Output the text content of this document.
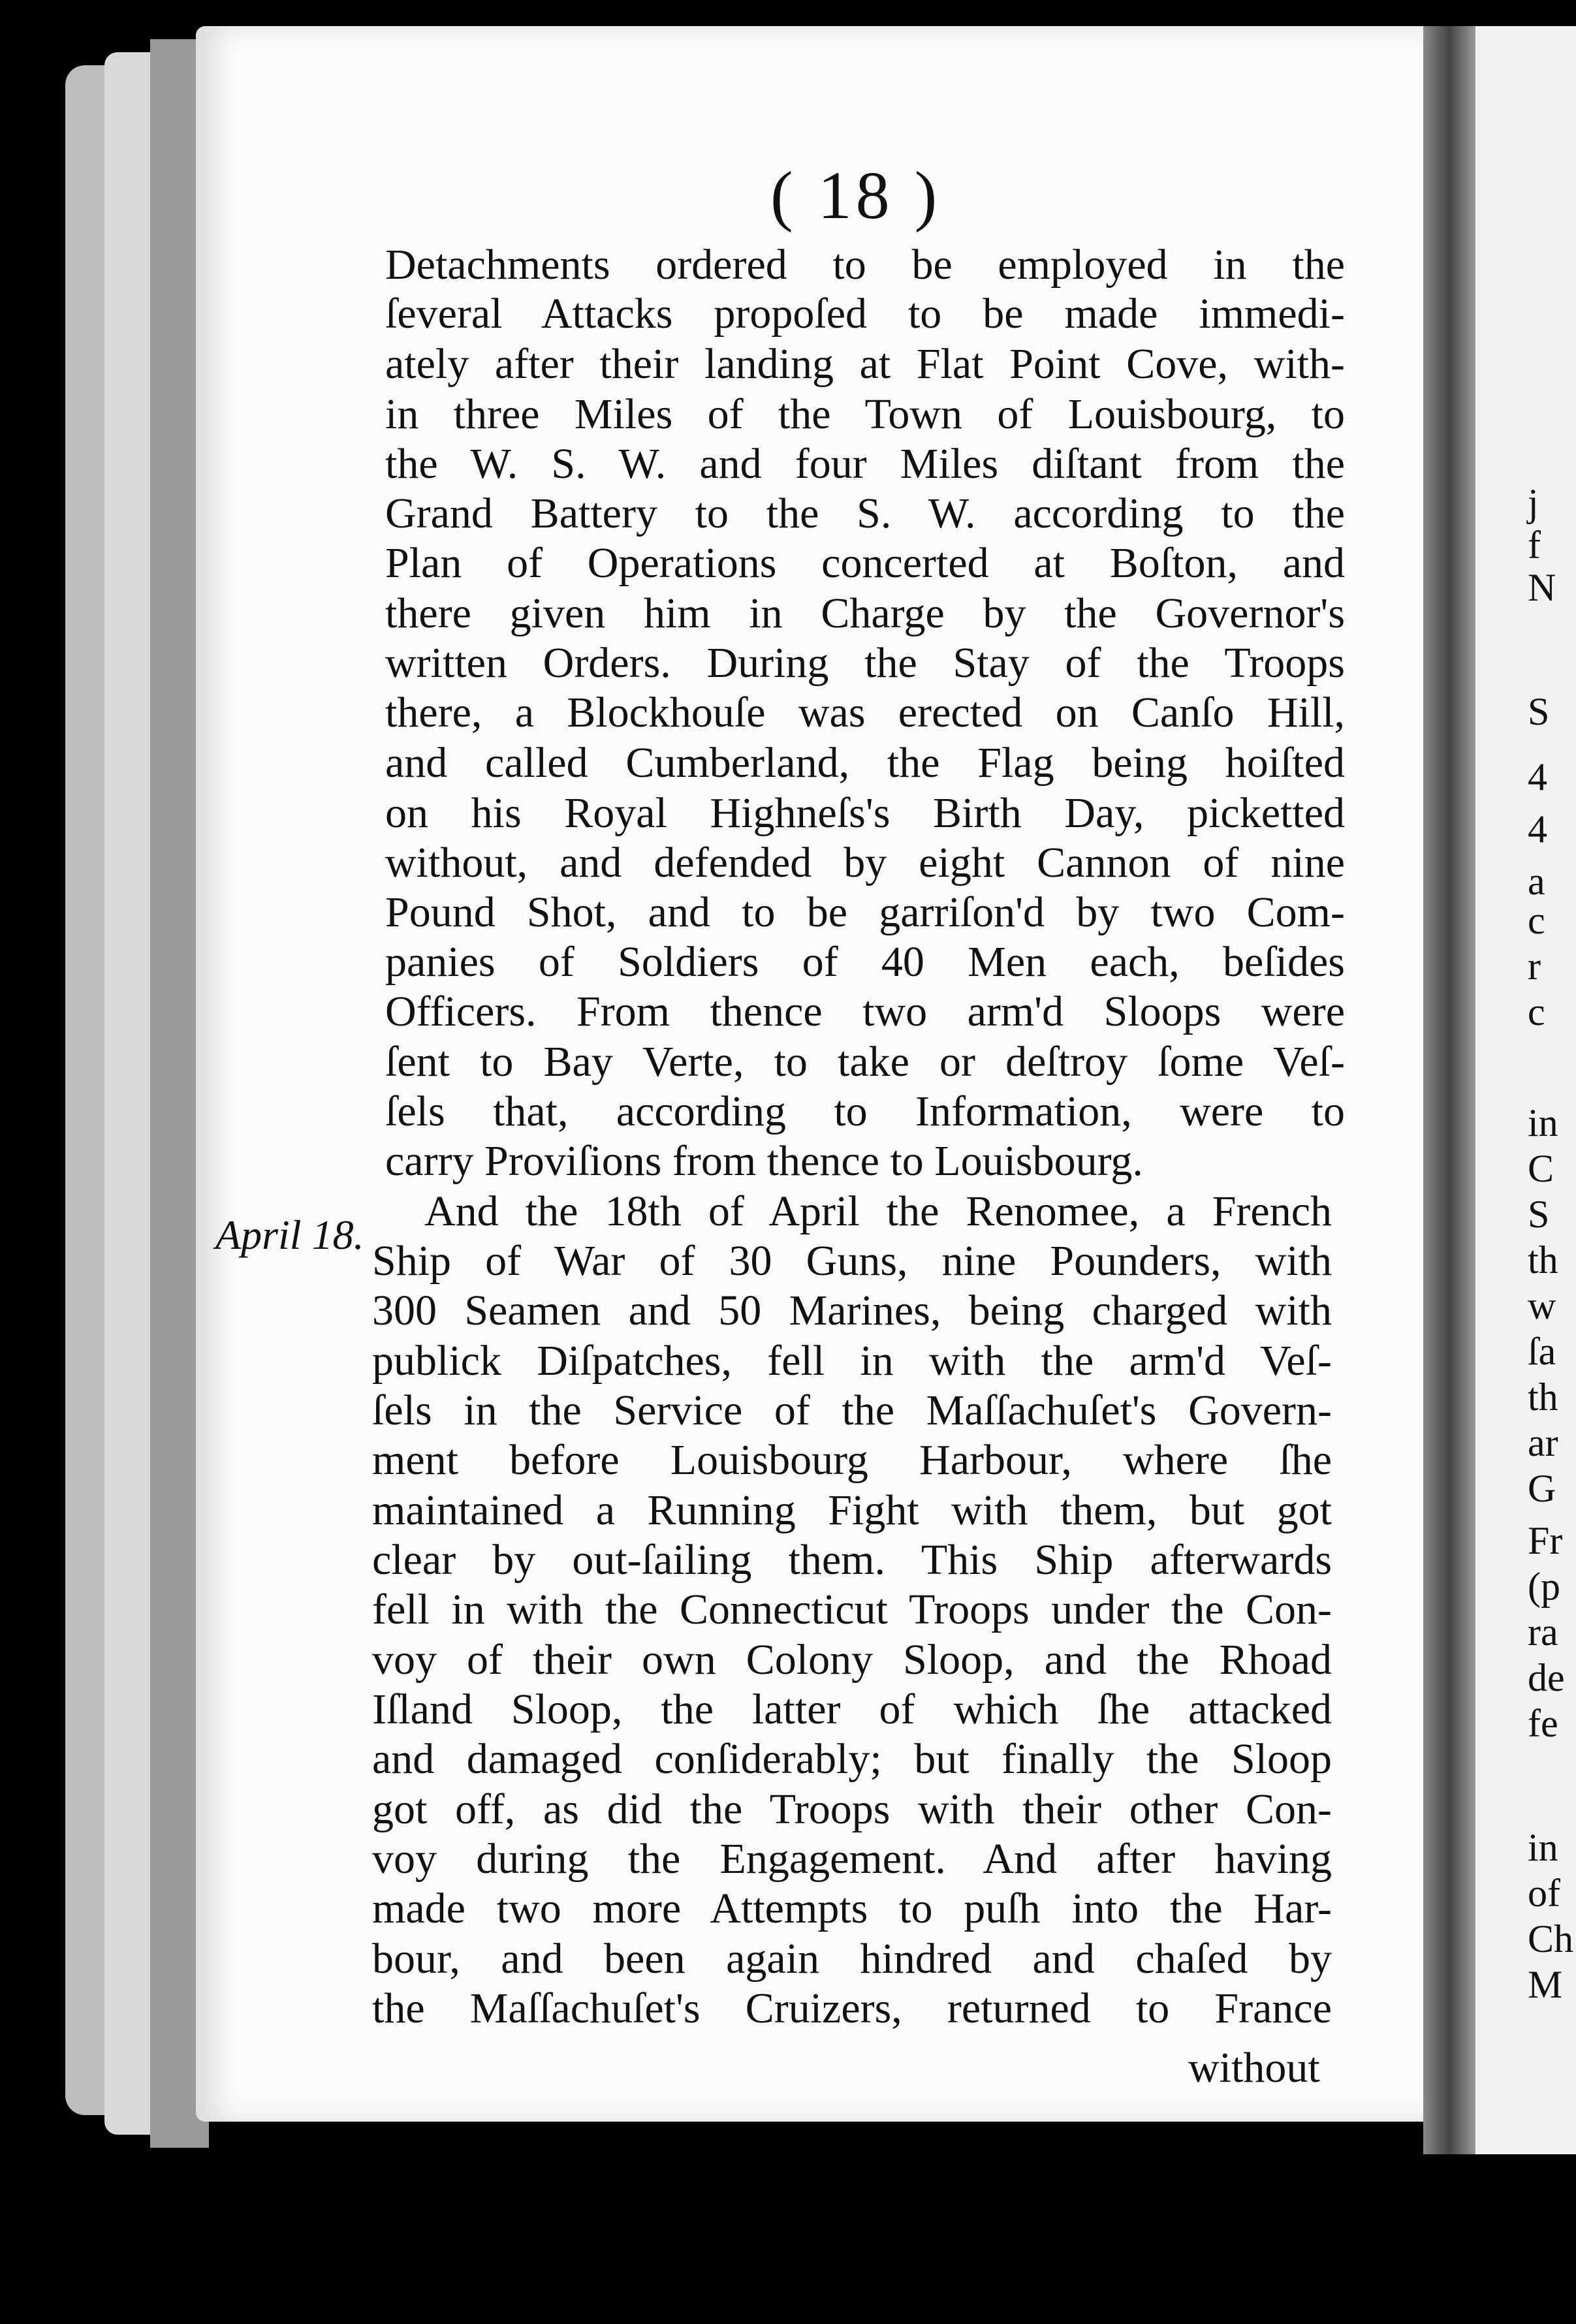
j
f
N
S
4
4
a
c
r
c
in
C
S
th
w
ſa
th
ar
G
Fr
(p
ra
de
fe
in
of
Ch
M
( 18 )
Detachments ordered to be employed in the
ſeveral Attacks propoſed to be made immedi-
ately after their landing at Flat Point Cove, with-
in three Miles of the Town of Louisbourg, to
the W. S. W. and four Miles diſtant from the
Grand Battery to the S. W. according to the
Plan of Operations concerted at Boſton, and
there given him in Charge by the Governor's
written Orders. During the Stay of the Troops
there, a Blockhouſe was erected on Canſo Hill,
and called Cumberland, the Flag being hoiſted
on his Royal Highneſs's Birth Day, picketted
without, and defended by eight Cannon of nine
Pound Shot, and to be garriſon'd by two Com-
panies of Soldiers of 40 Men each, beſides
Officers. From thence two arm'd Sloops were
ſent to Bay Verte, to take or deſtroy ſome Veſ-
ſels that, according to Information, were to
carry Proviſions from thence to Louisbourg.
And the 18th of April the Renomee, a French
Ship of War of 30 Guns, nine Pounders, with
300 Seamen and 50 Marines, being charged with
publick Diſpatches, fell in with the arm'd Veſ-
ſels in the Service of the Maſſachuſet's Govern-
ment before Louisbourg Harbour, where ſhe
maintained a Running Fight with them, but got
clear by out-ſailing them. This Ship afterwards
fell in with the Connecticut Troops under the Con-
voy of their own Colony Sloop, and the Rhoad
Iſland Sloop, the latter of which ſhe attacked
and damaged conſiderably; but finally the Sloop
got off, as did the Troops with their other Con-
voy during the Engagement. And after having
made two more Attempts to puſh into the Har-
bour, and been again hindred and chaſed by
the Maſſachuſet's Cruizers, returned to France
April 18.
without
